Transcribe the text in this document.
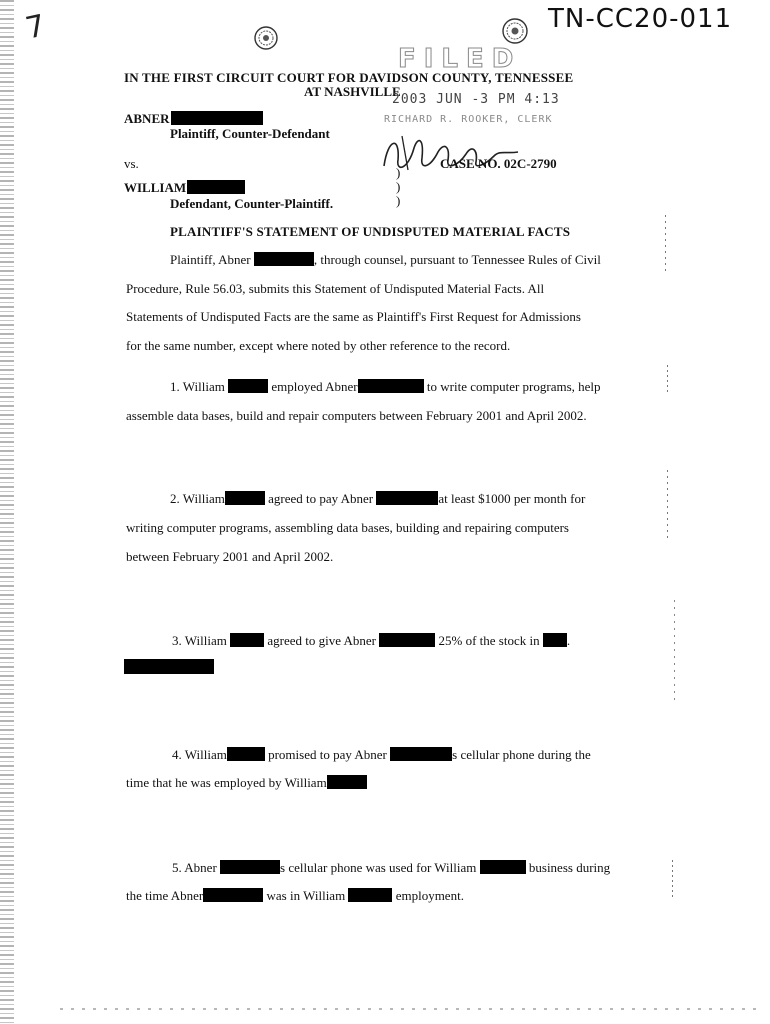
7	TN-CC20-011
FILED
IN THE FIRST CIRCUIT COURT FOR DAVIDSON COUNTY, TENNESSEE
AT NASHVILLE
2003 JUN -3 PM 4:13
RICHARD R. ROOKER, CLERK
ABNER
Plaintiff, Counter-Defendant
vs.	CASE NO. 02C-2790
)
)
)
WILLIAM
Defendant, Counter-Plaintiff.
PLAINTIFF'S STATEMENT OF UNDISPUTED MATERIAL FACTS
Plaintiff, Abner	, through counsel, pursuant to Tennessee Rules of Civil
Procedure, Rule 56.03, submits this Statement of Undisputed Material Facts. All
Statements of Undisputed Facts are the same as Plaintiff's First Request for Admissions
for the same number, except where noted by other reference to the record.
1. William	employed Abner	to write computer programs, help
assemble data bases, build and repair computers between February 2001 and April 2002.
2. William	agreed to pay Abner	at least $1000 per month for
writing computer programs, assembling data bases, building and repairing computers
between February 2001 and April 2002.
3. William	agreed to give Abner	25% of the stock in .
4. William	promised to pay Abner	s cellular phone during the
time that he was employed by William
5. Abner	s cellular phone was used for William	business during
the time Abner	was in William	employment.
